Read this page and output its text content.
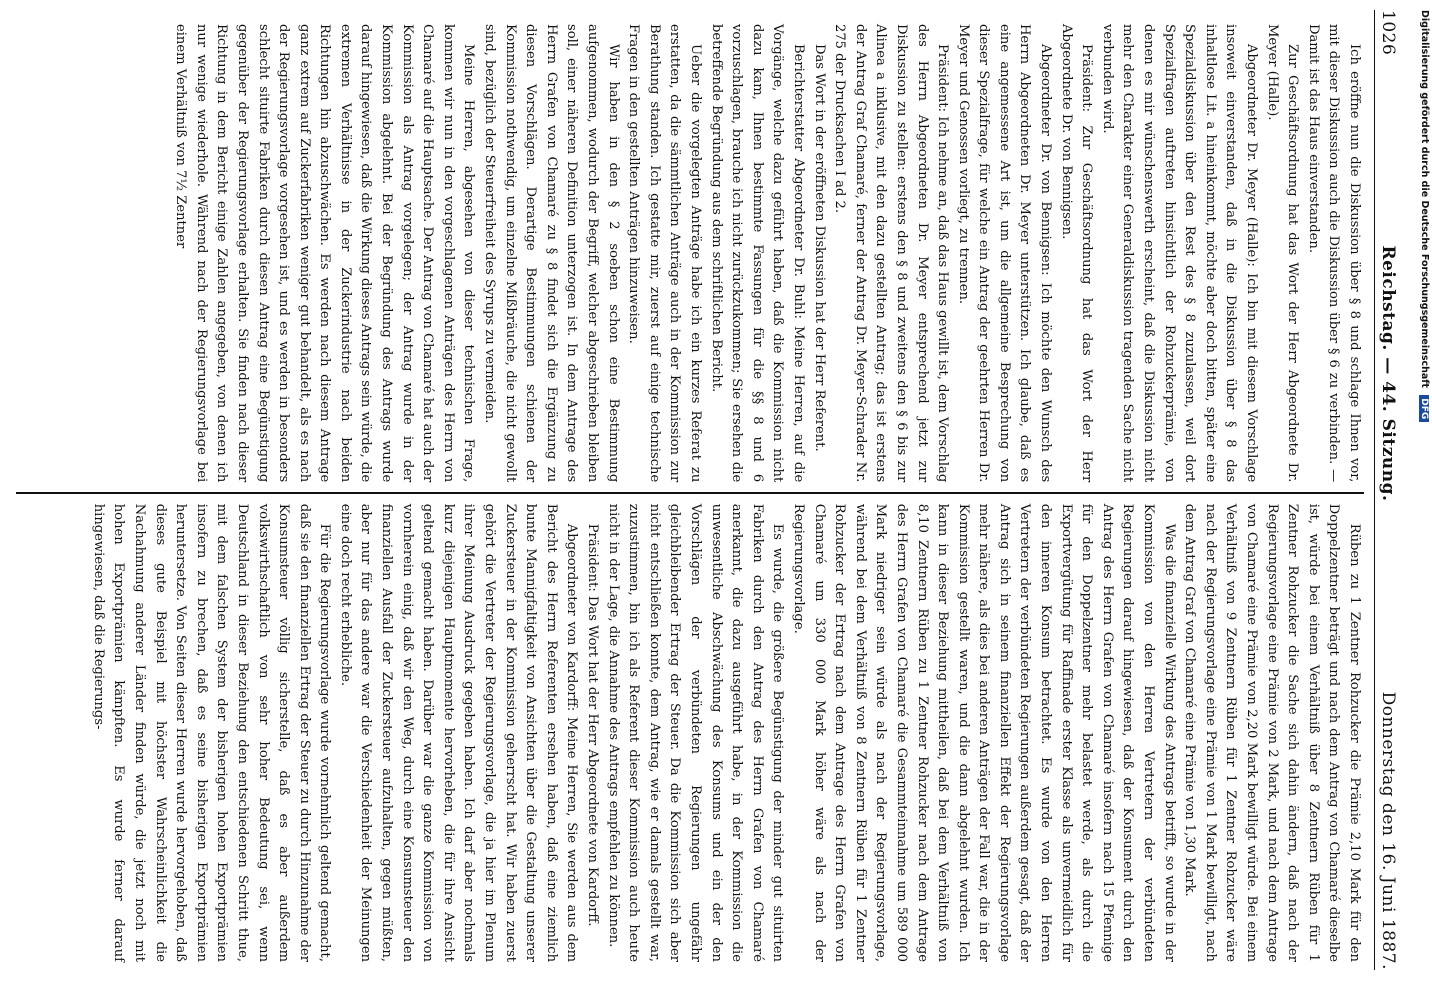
1026
Reichstag. — 44. Sitzung.
Donnerstag den 16. Juni 1887.

Ich eröffne nun die Diskussion über § 8 und schlage Ihnen vor, mit dieser Diskussion auch die Diskussion über § 6 zu verbinden. — Damit ist das Haus einverstanden.

Zur Geschäftsordnung hat das Wort der Herr Abgeordnete Dr. Meyer (Halle).

Abgeordneter Dr. Meyer (Halle): Ich bin mit diesem Vorschlage insoweit einverstanden, daß in die Diskussion über § 8 das inhaltlose Lit. a hineinkommt, möchte aber doch bitten, später eine Spezialdiskussion über den Rest des § 8 zuzulassen, weil dort Spezialfragen auftreten hinsichtlich der Rohzuckerprämie, von denen es mir wünschenswerth erscheint, daß die Diskussion nicht mehr den Charakter einer Generaldiskussion tragenden Sache nicht verbunden wird.

Präsident: Zur Geschäftsordnung hat das Wort der Herr Abgeordnete Dr. von Bennigsen.

Abgeordneter Dr. von Bennigsen: Ich möchte den Wunsch des Herrn Abgeordneten Dr. Meyer unterstützen. Ich glaube, daß es eine angemessene Art ist, um die allgemeine Besprechung von dieser Spezialfrage, für welche ein Antrag der geehrten Herren Dr. Meyer und Genossen vorliegt, zu trennen.

Präsident: Ich nehme an, daß das Haus gewillt ist, dem Vorschlag des Herrn Abgeordneten Dr. Meyer entsprechend jetzt zur Diskussion zu stellen: erstens den § 8 und zweitens den § 6 bis zur Alinea a inklusive, mit den dazu gestellten Antrag; das ist erstens der Antrag Graf Chamaré, ferner der Antrag Dr. Meyer-Schrader Nr. 275 der Drucksachen I ad 2.

Das Wort in der eröffneten Diskussion hat der Herr Referent.

Berichterstatter Abgeordneter Dr. Buhl: Meine Herren, auf die Vorgänge, welche dazu geführt haben, daß die Kommission nicht dazu kam, Ihnen bestimmte Fassungen für die §§ 8 und 6 vorzuschlagen, brauche ich nicht zurückzukommen; Sie ersehen die betreffende Begründung aus dem schriftlichen Bericht.

Ueber die vorgelegten Anträge habe ich ein kurzes Referat zu erstatten, da die sämmtlichen Anträge auch in der Kommission zur Berathung standen. Ich gestatte mir, zuerst auf einige technische Fragen in den gestellten Anträgen hinzuweisen.

Wir haben in den § 2 soeben schon eine Bestimmung aufgenommen, wodurch der Begriff, welcher abgeschrieben bleiben soll, einer näheren Definition unterzogen ist. In dem Antrage des Herrn Grafen von Chamaré zu § 8 findet sich die Ergänzung zu diesen Vorschlägen. Derartige Bestimmungen schienen der Kommission nothwendig, um einzelne Mißbräuche, die nicht gewollt sind, bezüglich der Steuerfreiheit des Syrups zu vermeiden.

Meine Herren, abgesehen von dieser technischen Frage, kommen wir nun in den vorgeschlagenen Anträgen des Herrn von Chamaré auf die Hauptsache. Der Antrag von Chamaré hat auch der Kommission als Antrag vorgelegen; der Antrag wurde in der Kommission abgelehnt. Bei der Begründung des Antrags wurde darauf hingewiesen, daß die Wirkung dieses Antrags sein würde, die extremen Verhältnisse in der Zuckerindustrie nach beiden Richtungen hin abzuschwächen. Es werden nach diesem Antrage ganz extrem auf Zuckerfabriken weniger gut behandelt, als es nach der Regierungsvorlage vorgesehen ist, und es werden in besonders schlecht situirte Fabriken durch diesen Antrag eine Begünstigung gegenüber der Regierungsvorlage erhalten. Sie finden nach dieser Richtung in dem Bericht einige Zahlen angegeben, von denen ich nur wenige wiederhole. Während nach der Regierungsvorlage bei einem Verhältniß von 7½ Zentner

Rüben zu 1 Zentner Rohzucker die Prämie 2,10 Mark für den Doppelzentner beträgt und nach dem Antrag von Chamaré dieselbe ist, würde bei einem Verhältniß über 8 Zentnern Rüben für 1 Zentner Rohzucker die Sache sich dahin ändern, daß nach der Regierungsvorlage eine Prämie von 2 Mark, und nach dem Antrage von Chamaré eine Prämie von 2,20 Mark bewilligt würde. Bei einem Verhältniß von 9 Zentnern Rüben für 1 Zentner Rohzucker wäre nach der Regierungsvorlage eine Prämie von 1 Mark bewilligt, nach dem Antrag Graf von Chamaré eine Prämie von 1,30 Mark.

Was die finanzielle Wirkung des Antrags betrifft, so wurde in der Kommission von den Herren Vertretern der verbündeten Regierungen darauf hingewiesen, daß der Konsument durch den Antrag des Herrn Grafen von Chamaré insofern nach 15 Pfennige für den Doppelzentner mehr belastet werde, als durch die Exportvergütung für Raffinade erster Klasse als unvermeidlich für den inneren Konsum betrachtet. Es wurde von den Herren Vertretern der verbündeten Regierungen außerdem gesagt, daß der Antrag sich in seinem finanziellen Effekt der Regierungsvorlage mehr nähere, als dies bei anderen Anträgen der Fall war, die in der Kommission gestellt waren, und die dann abgelehnt wurden. Ich kann in dieser Beziehung mittheilen, daß bei dem Verhältniß von 8,10 Zentnern Rüben zu 1 Zentner Rohzucker nach dem Antrage des Herrn Grafen von Chamaré die Gesammteinnahme um 589 000 Mark niedriger sein würde als nach der Regierungsvorlage, während bei dem Verhältniß von 8 Zentnern Rüben für 1 Zentner Rohzucker der Ertrag nach dem Antrage des Herrn Grafen von Chamaré um 330 000 Mark höher wäre als nach der Regierungsvorlage.

Es wurde, die größere Begünstigung der minder gut situirten Fabriken durch den Antrag des Herrn Grafen von Chamaré anerkannt, die dazu ausgeführt habe, in der Kommission die unwesentliche Abschwächung des Konsums und ein der den Vorschlägen der verbündeten Regierungen ungefähr gleichbleibender Ertrag der Steuer. Da die Kommission sich aber nicht entschließen konnte, dem Antrag, wie er damals gestellt war, zuzustimmen, bin ich als Referent dieser Kommission auch heute nicht in der Lage, die Annahme des Antrags empfehlen zu können.

Präsident: Das Wort hat der Herr Abgeordnete von Kardorff.

Abgeordneter von Kardorff: Meine Herren, Sie werden aus dem Bericht des Herrn Referenten ersehen haben, daß eine ziemlich bunte Mannigfaltigkeit von Ansichten über die Gestaltung unserer Zuckersteuer in der Kommission geherrscht hat. Wir haben zuerst gehört die Vertreter der Regierungsvorlage, die ja hier im Plenum ihrer Meinung Ausdruck gegeben haben. Ich darf aber nochmals kurz diejenigen Hauptmomente hervorheben, die für ihre Ansicht geltend gemacht haben. Darüber war die ganze Kommission von vornherein einig, daß wir den Weg, durch eine Konsumsteuer den finanziellen Ausfall der Zuckersteuer aufzuhalten, gegen müßten, aber nur für das andere war die Verschiedenheit der Meinungen eine doch recht erhebliche.

Für die Regierungsvorlage wurde vornehmlich geltend gemacht, daß sie den finanziellen Ertrag der Steuer zu durch Hinzunahme der Konsumsteuer völlig sicherstelle, daß es aber außerdem volkswirthschaftlich von sehr hoher Bedeutung sei, wenn Deutschland in dieser Beziehung den entschiedenen Schritt thue, mit dem falschen System der bisherigen hohen Exportprämien insofern zu brechen, daß es seine bisherigen Exportprämien heruntersetze. Von Seiten dieser Herren wurde hervorgehoben, daß dieses gute Beispiel mit höchster Wahrscheinlichkeit die Nachahmung anderer Länder finden würde, die jetzt noch mit hohen Exportprämien kämpften. Es wurde ferner darauf hingewiesen, daß die Regierungs-

Digitalisierung gefördert durch die Deutsche Forschungsgemeinschaft DFG
